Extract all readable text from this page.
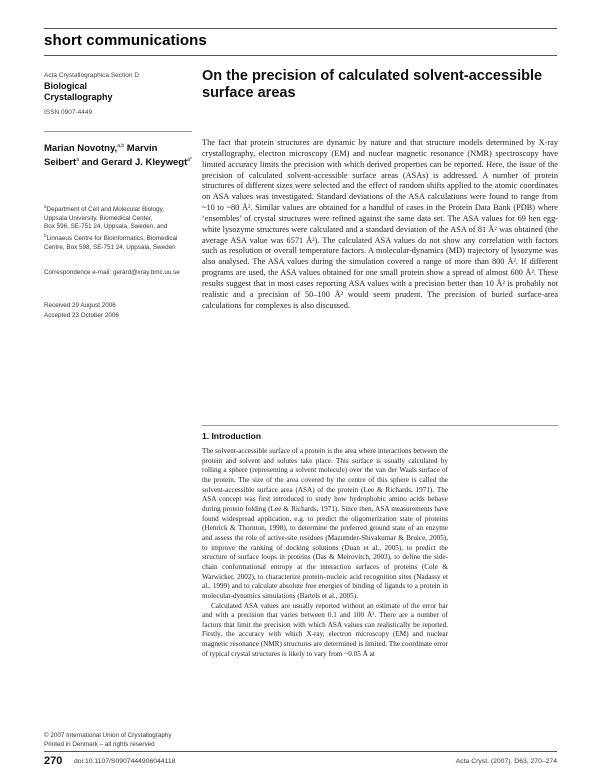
short communications
Acta Crystallographica Section D
Biological
Crystallography
ISSN 0907-4449
Marian Novotny,$^{a,b}$ Marvin Seibert$^a$ and Gerard J. Kleywegt$^{a*}$
$^a$Department of Cell and Molecular Biology,
Uppsala University, Biomedical Center,
Box 596, SE-751 24, Uppsala, Sweden, and
$^b$Linnaeus Centre for Bioinformatics, Biomedical
Centre, Box 598, SE-751 24, Uppsala, Sweden
Correspondence e-mail: gerard@xray.bmc.uu.se
Received 29 August 2006
Accepted 23 October 2006
On the precision of calculated solvent-accessible surface areas

The fact that protein structures are dynamic by nature and that structure models determined by X-ray crystallography, electron microscopy (EM) and nuclear magnetic resonance (NMR) spectroscopy have limited accuracy limits the precision with which derived properties can be reported. Here, the issue of the precision of calculated solvent-accessible surface areas (ASAs) is addressed. A number of protein structures of different sizes were selected and the effect of random shifts applied to the atomic coordinates on ASA values was investigated. Standard deviations of the ASA calculations were found to range from ~10 to ~80 Å². Similar values are obtained for a handful of cases in the Protein Data Bank (PDB) where ‘ensembles’ of crystal structures were refined against the same data set. The ASA values for 69 hen egg-white lysozyme structures were calculated and a standard deviation of the ASA of 81 Å² was obtained (the average ASA value was 6571 Å²). The calculated ASA values do not show any correlation with factors such as resolution or overall temperature factors. A molecular-dynamics (MD) trajectory of lysozyme was also analysed. The ASA values during the simulation covered a range of more than 800 Å². If different programs are used, the ASA values obtained for one small protein show a spread of almost 600 Å². These results suggest that in most cases reporting ASA values with a precision better than 10 Å² is probably not realistic and a precision of 50–100 Å² would seem prudent. The precision of buried surface-area calculations for complexes is also discussed.

1. Introduction

The solvent-accessible surface of a protein is the area where interactions between the protein and solvent and solutes take place. This surface is usually calculated by rolling a sphere (representing a solvent molecule) over the van der Waals surface of the protein. The size of the area covered by the centre of this sphere is called the solvent-accessible surface area (ASA) of the protein (Lee & Richards, 1971). The ASA concept was first introduced to study how hydrophobic amino acids behave during protein folding (Lee & Richards, 1971). Since then, ASA measurements have found widespread application, e.g. to predict the oligomerization state of proteins (Henrick & Thornton, 1998), to determine the preferred ground state of an enzyme and assess the role of active-site residues (Mazumder-Shivakumar & Bruice, 2005), to improve the ranking of docking solutions (Duan et al., 2005), to predict the structure of surface loops in proteins (Das & Meirovitch, 2003), to define the side-chain conformational entropy at the interaction surfaces of proteins (Cole & Warwicker, 2002), to characterize protein–nucleic acid recognition sites (Nadassy et al., 1999) and to calculate absolute free energies of binding of ligands to a protein in molecular-dynamics simulations (Bartels et al., 2005).

Calculated ASA values are usually reported without an estimate of the error bar and with a precision that varies between 0.1 and 100 Å². There are a number of factors that limit the precision with which ASA values can realistically be reported. Firstly, the accuracy with which X-ray, electron microscopy (EM) and nuclear magnetic resonance (NMR) structures are determined is limited. The coordinate error of typical crystal structures is likely to vary from ~0.05 Å at

© 2007 International Union of Crystallography
Printed in Denmark – all rights reserved
270 doi:10.1107/S0907444906044118	Acta Cryst. (2007). D63, 270–274
